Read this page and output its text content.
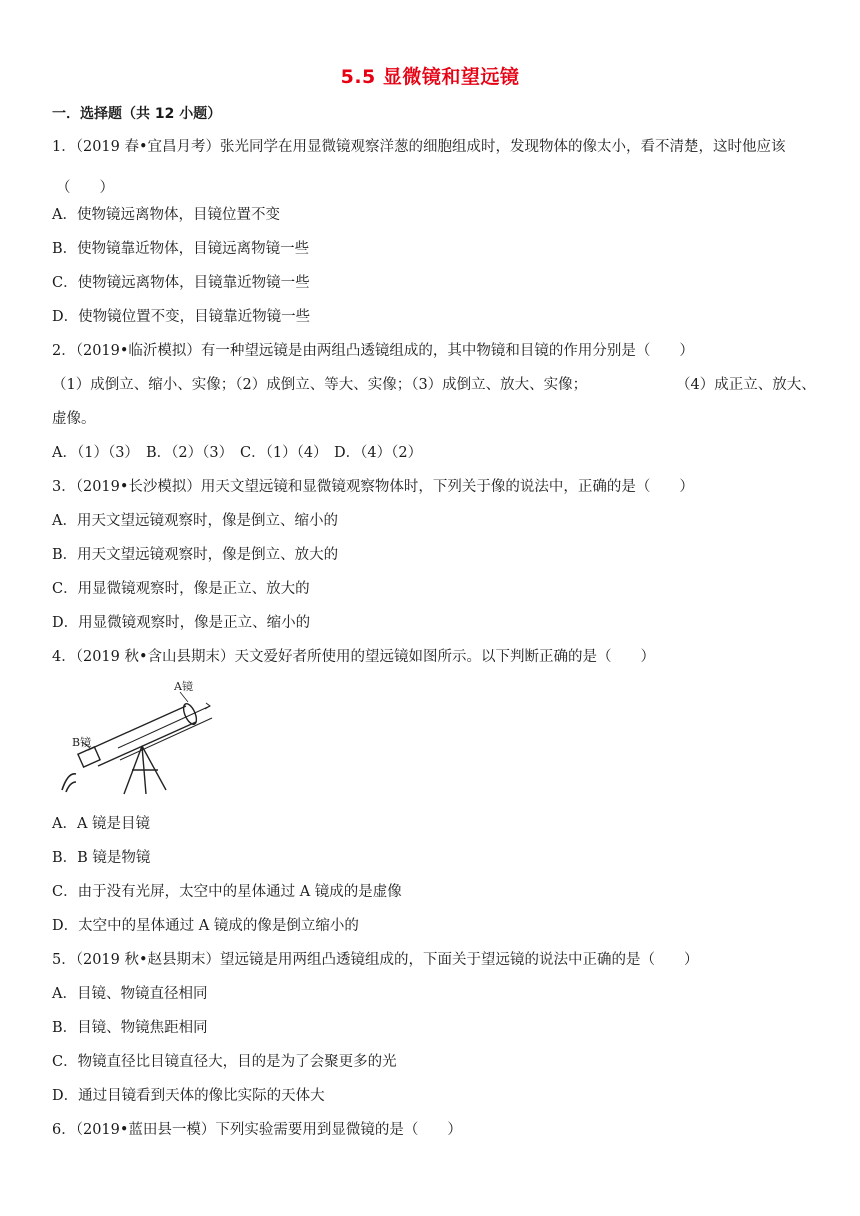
5.5 显微镜和望远镜
一．选择题（共 12 小题）
1．（2019 春•宜昌月考）张光同学在用显微镜观察洋葱的细胞组成时，发现物体的像太小，看不清楚，这时他应该
（　　）
A．使物镜远离物体，目镜位置不变
B．使物镜靠近物体，目镜远离物镜一些
C．使物镜远离物体，目镜靠近物镜一些
D．使物镜位置不变，目镜靠近物镜一些
2．（2019•临沂模拟）有一种望远镜是由两组凸透镜组成的，其中物镜和目镜的作用分别是（　　）
（1）成倒立、缩小、实像；（2）成倒立、等大、实像；（3）成倒立、放大、实像；	（4）成正立、放大、
虚像。
A．（1）（3） B．（2）（3） C．（1）（4） D．（4）（2）
3．（2019•长沙模拟）用天文望远镜和显微镜观察物体时，下列关于像的说法中，正确的是（　　）
A．用天文望远镜观察时，像是倒立、缩小的
B．用天文望远镜观察时，像是倒立、放大的
C．用显微镜观察时，像是正立、放大的
D．用显微镜观察时，像是正立、缩小的
4．（2019 秋•含山县期末）天文爱好者所使用的望远镜如图所示。以下判断正确的是（　　）
A镜
B镜
A．A 镜是目镜
B．B 镜是物镜
C．由于没有光屏，太空中的星体通过 A 镜成的是虚像
D．太空中的星体通过 A 镜成的像是倒立缩小的
5．（2019 秋•赵县期末）望远镜是用两组凸透镜组成的，下面关于望远镜的说法中正确的是（　　）
A．目镜、物镜直径相同
B．目镜、物镜焦距相同
C．物镜直径比目镜直径大，目的是为了会聚更多的光
D．通过目镜看到天体的像比实际的天体大
6．（2019•蓝田县一模）下列实验需要用到显微镜的是（　　）
